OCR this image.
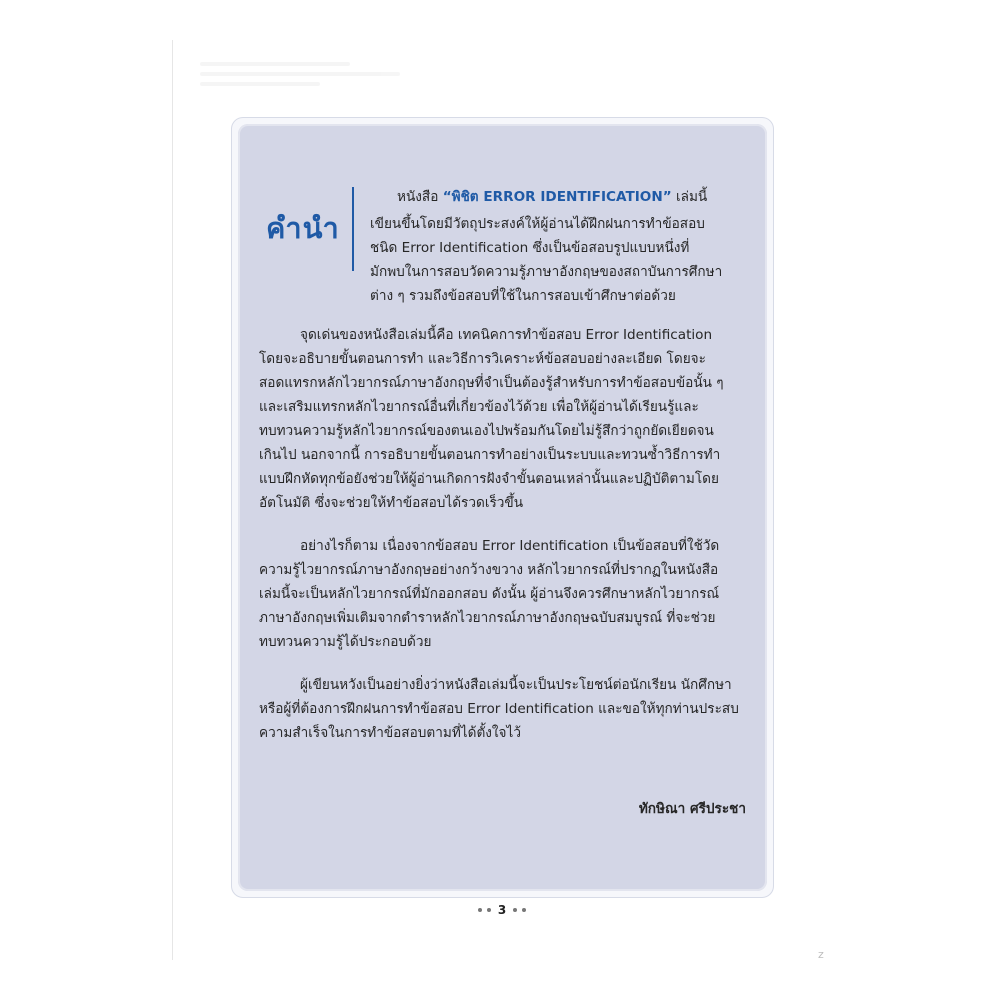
คำนำ
หนังสือ “พิชิต ERROR IDENTIFICATION” เล่มนี้
เขียนขึ้นโดยมีวัตถุประสงค์ให้ผู้อ่านได้ฝึกฝนการทำข้อสอบ
ชนิด Error Identification ซึ่งเป็นข้อสอบรูปแบบหนึ่งที่
มักพบในการสอบวัดความรู้ภาษาอังกฤษของสถาบันการศึกษา
ต่าง ๆ รวมถึงข้อสอบที่ใช้ในการสอบเข้าศึกษาต่อด้วย
จุดเด่นของหนังสือเล่มนี้คือ เทคนิคการทำข้อสอบ Error Identification
โดยจะอธิบายขั้นตอนการทำ และวิธีการวิเคราะห์ข้อสอบอย่างละเอียด โดยจะ
สอดแทรกหลักไวยากรณ์ภาษาอังกฤษที่จำเป็นต้องรู้สำหรับการทำข้อสอบข้อนั้น ๆ
และเสริมแทรกหลักไวยากรณ์อื่นที่เกี่ยวข้องไว้ด้วย เพื่อให้ผู้อ่านได้เรียนรู้และ
ทบทวนความรู้หลักไวยากรณ์ของตนเองไปพร้อมกันโดยไม่รู้สึกว่าถูกยัดเยียดจน
เกินไป นอกจากนี้ การอธิบายขั้นตอนการทำอย่างเป็นระบบและทวนซ้ำวิธีการทำ
แบบฝึกหัดทุกข้อยังช่วยให้ผู้อ่านเกิดการฝังจำขั้นตอนเหล่านั้นและปฏิบัติตามโดย
อัตโนมัติ ซึ่งจะช่วยให้ทำข้อสอบได้รวดเร็วขึ้น
อย่างไรก็ตาม เนื่องจากข้อสอบ Error Identification เป็นข้อสอบที่ใช้วัด
ความรู้ไวยากรณ์ภาษาอังกฤษอย่างกว้างขวาง หลักไวยากรณ์ที่ปรากฏในหนังสือ
เล่มนี้จะเป็นหลักไวยากรณ์ที่มักออกสอบ ดังนั้น ผู้อ่านจึงควรศึกษาหลักไวยากรณ์
ภาษาอังกฤษเพิ่มเติมจากตำราหลักไวยากรณ์ภาษาอังกฤษฉบับสมบูรณ์ ที่จะช่วย
ทบทวนความรู้ได้ประกอบด้วย
ผู้เขียนหวังเป็นอย่างยิ่งว่าหนังสือเล่มนี้จะเป็นประโยชน์ต่อนักเรียน นักศึกษา
หรือผู้ที่ต้องการฝึกฝนการทำข้อสอบ Error Identification และขอให้ทุกท่านประสบ
ความสำเร็จในการทำข้อสอบตามที่ได้ตั้งใจไว้
ทักษิณา ศรีประชา
3
z
